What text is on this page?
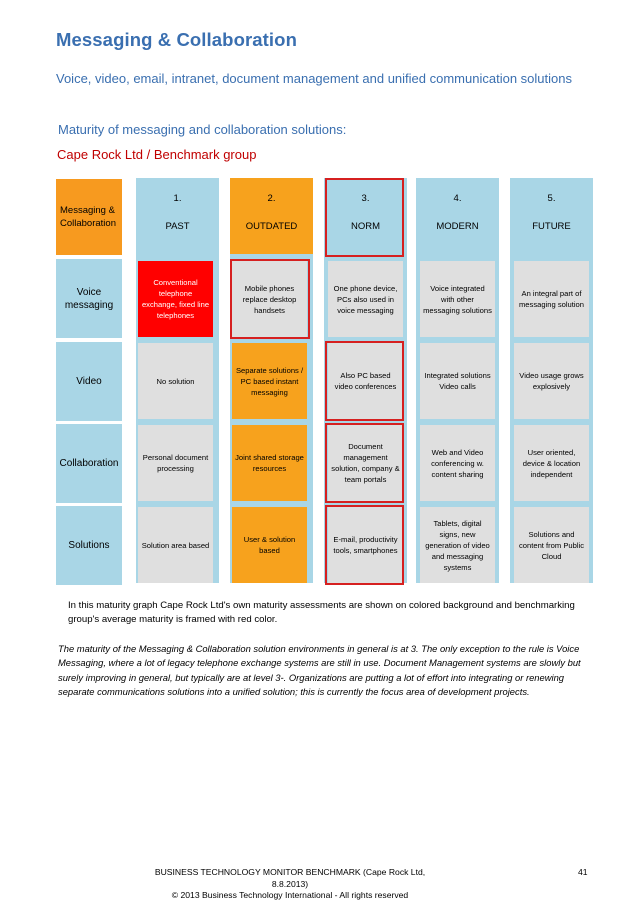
Messaging & Collaboration
Voice, video, email, intranet, document management and unified communication solutions
Maturity of messaging and collaboration solutions:
Cape Rock Ltd / Benchmark group
Messaging & Collaboration
Voice messaging
Video
Collaboration
Solutions
1.
PAST
2.
OUTDATED
3.
NORM
4.
MODERN
5.
FUTURE
Conventional telephone exchange, fixed line telephones
Mobile phones replace desktop handsets
One phone device, PCs also used in voice messaging
Voice integrated with other messaging solutions
An integral part of messaging solution
No solution
Separate solutions / PC based instant messaging
Also PC based video conferences
Integrated solutions Video calls
Video usage grows explosively
Personal document processing
Joint shared storage resources
Document management solution, company & team portals
Web and Video conferencing w. content sharing
User oriented, device & location independent
Solution area based
User & solution based
E-mail, productivity tools, smartphones
Tablets, digital signs, new generation of video and messaging systems
Solutions and content from Public Cloud
In this maturity graph Cape Rock Ltd's own maturity assessments are shown on colored background and benchmarking group's average maturity is framed with red color.
The maturity of the Messaging & Collaboration solution environments in general is at 3. The only exception to the rule is Voice Messaging, where a lot of legacy telephone exchange systems are still in use. Document Management systems are slowly but surely improving in general, but typically are at level 3-. Organizations are putting a lot of effort into integrating or renewing separate communications solutions into a unified solution; this is currently the focus area of development projects.
BUSINESS TECHNOLOGY MONITOR BENCHMARK (Cape Rock Ltd, 8.8.2013)
© 2013 Business Technology International - All rights reserved
41
